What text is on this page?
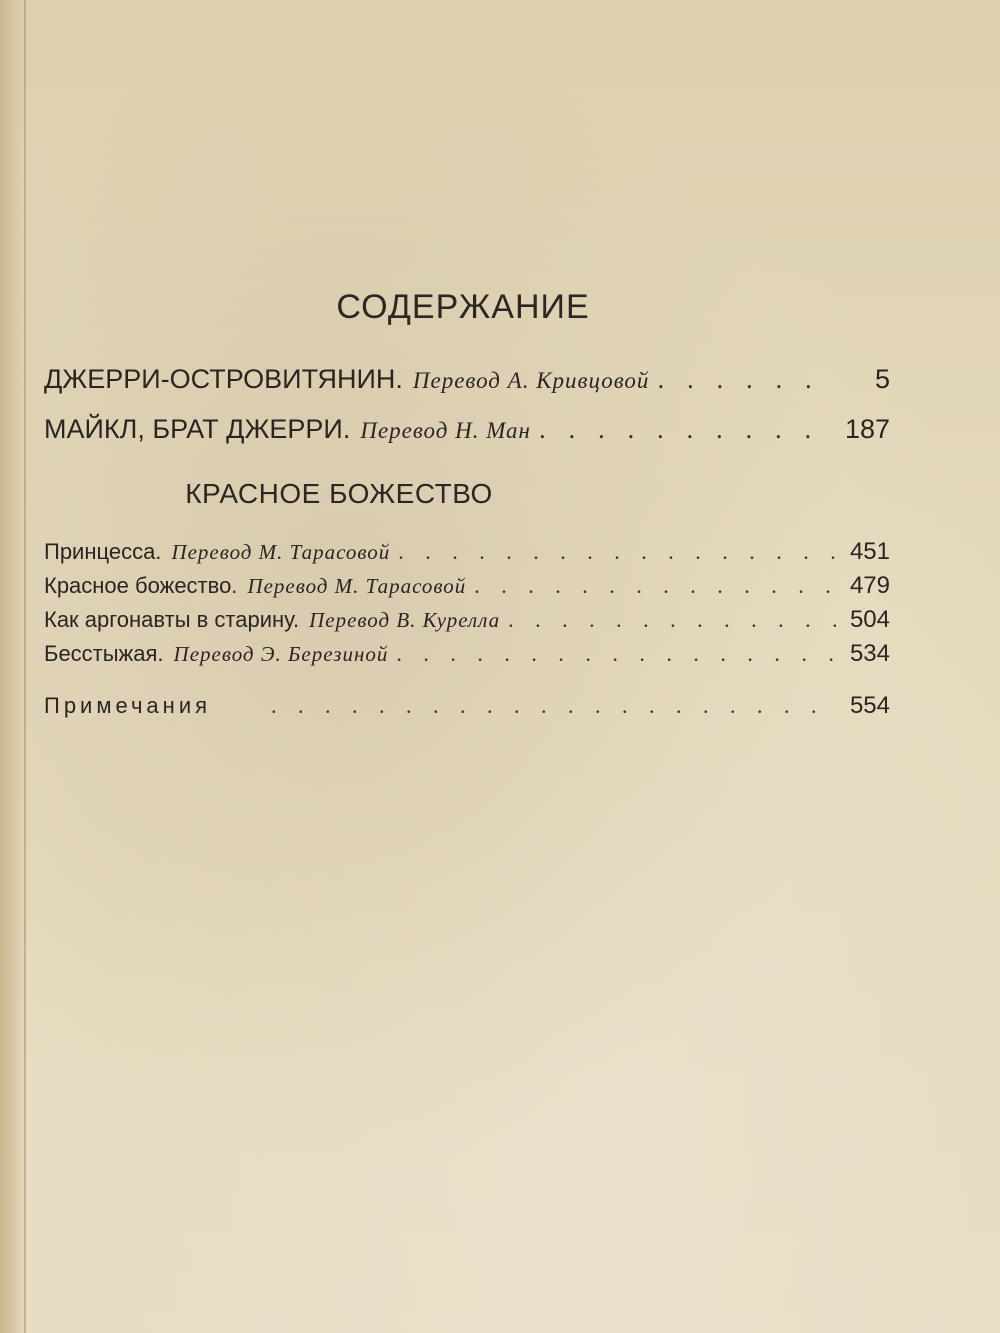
СОДЕРЖАНИЕ
ДЖЕРРИ-ОСТРОВИТЯНИН. Перевод А. Кривцовой . . .	5
МАЙКЛ, БРАТ ДЖЕРРИ. Перевод Н. Ман . . .	187
КРАСНОЕ БОЖЕСТВО
Принцесса. Перевод М. Тарасовой . . .	451
Красное божество. Перевод М. Тарасовой . . .	479
Как аргонавты в старину. Перевод В. Курелла . . .	504
Бесстыжая. Перевод Э. Березиной . . .	534
Примечания . . .	554
